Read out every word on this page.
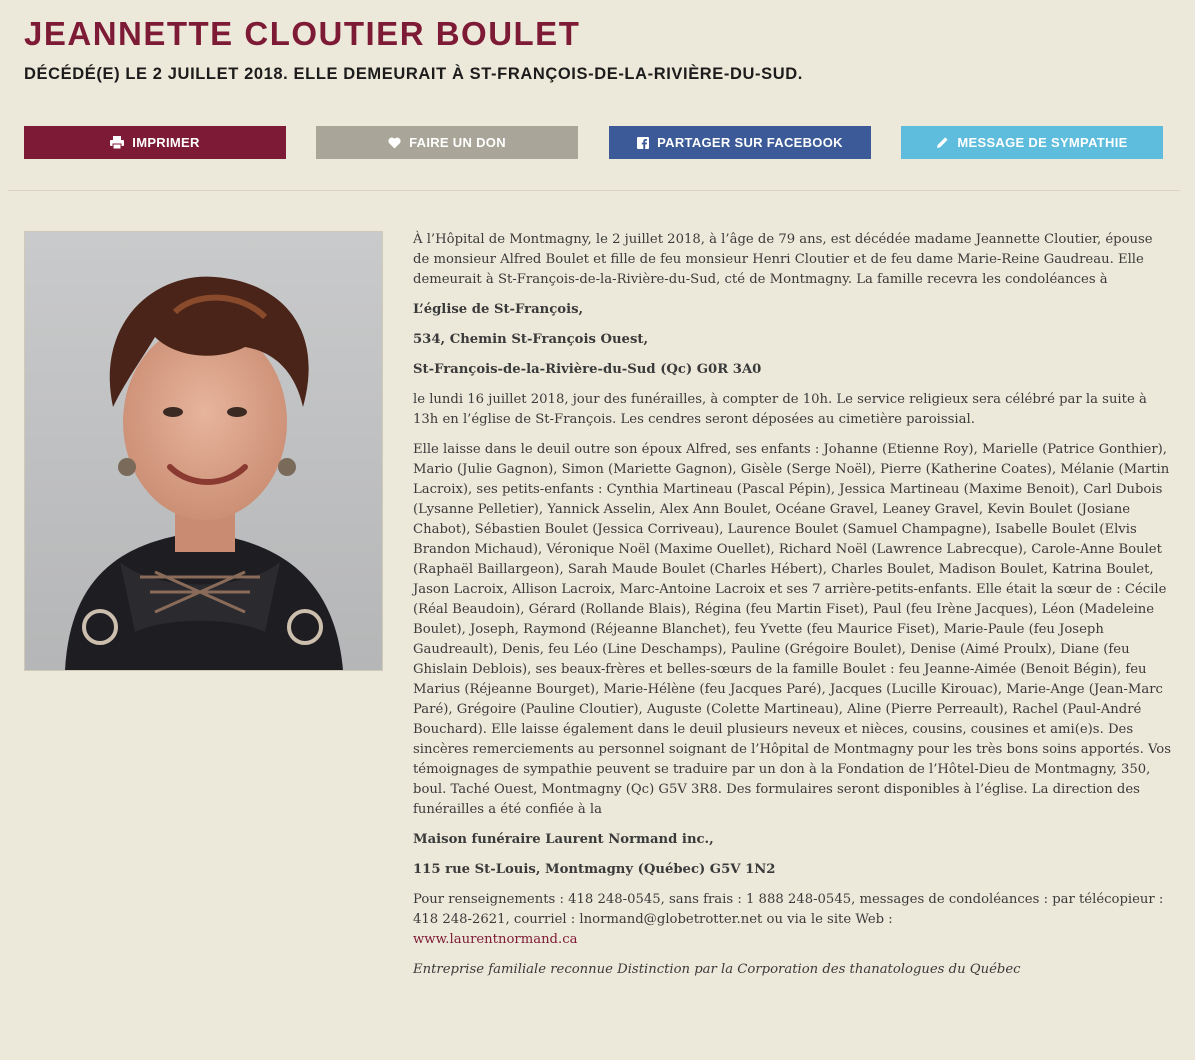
JEANNETTE CLOUTIER BOULET
DÉCÉDÉ(E) LE 2 JUILLET 2018. ELLE DEMEURAIT À ST-FRANÇOIS-DE-LA-RIVIÈRE-DU-SUD.
IMPRIMER	FAIRE UN DON	PARTAGER SUR FACEBOOK	MESSAGE DE SYMPATHIE

À l’Hôpital de Montmagny, le 2 juillet 2018, à l’âge de 79 ans, est décédée madame Jeannette Cloutier, épouse de monsieur Alfred Boulet et fille de feu monsieur Henri Cloutier et de feu dame Marie-Reine Gaudreau. Elle demeurait à St-François-de-la-Rivière-du-Sud, cté de Montmagny. La famille recevra les condoléances à

L’église de St-François,

534, Chemin St-François Ouest,

St-François-de-la-Rivière-du-Sud (Qc) G0R 3A0

le lundi 16 juillet 2018, jour des funérailles, à compter de 10h. Le service religieux sera célébré par la suite à 13h en l’église de St-François. Les cendres seront déposées au cimetière paroissial.

Elle laisse dans le deuil outre son époux Alfred, ses enfants : Johanne (Etienne Roy), Marielle (Patrice Gonthier), Mario (Julie Gagnon), Simon (Mariette Gagnon), Gisèle (Serge Noël), Pierre (Katherine Coates), Mélanie (Martin Lacroix), ses petits-enfants : Cynthia Martineau (Pascal Pépin), Jessica Martineau (Maxime Benoit), Carl Dubois (Lysanne Pelletier), Yannick Asselin, Alex Ann Boulet, Océane Gravel, Leaney Gravel, Kevin Boulet (Josiane Chabot), Sébastien Boulet (Jessica Corriveau), Laurence Boulet (Samuel Champagne), Isabelle Boulet (Elvis Brandon Michaud), Véronique Noël (Maxime Ouellet), Richard Noël (Lawrence Labrecque), Carole-Anne Boulet (Raphaël Baillargeon), Sarah Maude Boulet (Charles Hébert), Charles Boulet, Madison Boulet, Katrina Boulet, Jason Lacroix, Allison Lacroix, Marc-Antoine Lacroix et ses 7 arrière-petits-enfants. Elle était la sœur de : Cécile (Réal Beaudoin), Gérard (Rollande Blais), Régina (feu Martin Fiset), Paul (feu Irène Jacques), Léon (Madeleine Boulet), Joseph, Raymond (Réjeanne Blanchet), feu Yvette (feu Maurice Fiset), Marie-Paule (feu Joseph Gaudreault), Denis, feu Léo (Line Deschamps), Pauline (Grégoire Boulet), Denise (Aimé Proulx), Diane (feu Ghislain Deblois), ses beaux-frères et belles-sœurs de la famille Boulet : feu Jeanne-Aimée (Benoit Bégin), feu Marius (Réjeanne Bourget), Marie-Hélène (feu Jacques Paré), Jacques (Lucille Kirouac), Marie-Ange (Jean-Marc Paré), Grégoire (Pauline Cloutier), Auguste (Colette Martineau), Aline (Pierre Perreault), Rachel (Paul-André Bouchard). Elle laisse également dans le deuil plusieurs neveux et nièces, cousins, cousines et ami(e)s. Des sincères remerciements au personnel soignant de l’Hôpital de Montmagny pour les très bons soins apportés. Vos témoignages de sympathie peuvent se traduire par un don à la Fondation de l’Hôtel-Dieu de Montmagny, 350, boul. Taché Ouest, Montmagny (Qc) G5V 3R8. Des formulaires seront disponibles à l’église. La direction des funérailles a été confiée à la

Maison funéraire Laurent Normand inc.,

115 rue St-Louis, Montmagny (Québec) G5V 1N2

Pour renseignements : 418 248-0545, sans frais : 1 888 248-0545, messages de condoléances : par télécopieur : 418 248-2621, courriel : lnormand@globetrotter.net ou via le site Web :
www.laurentnormand.ca

Entreprise familiale reconnue Distinction par la Corporation des thanatologues du Québec
